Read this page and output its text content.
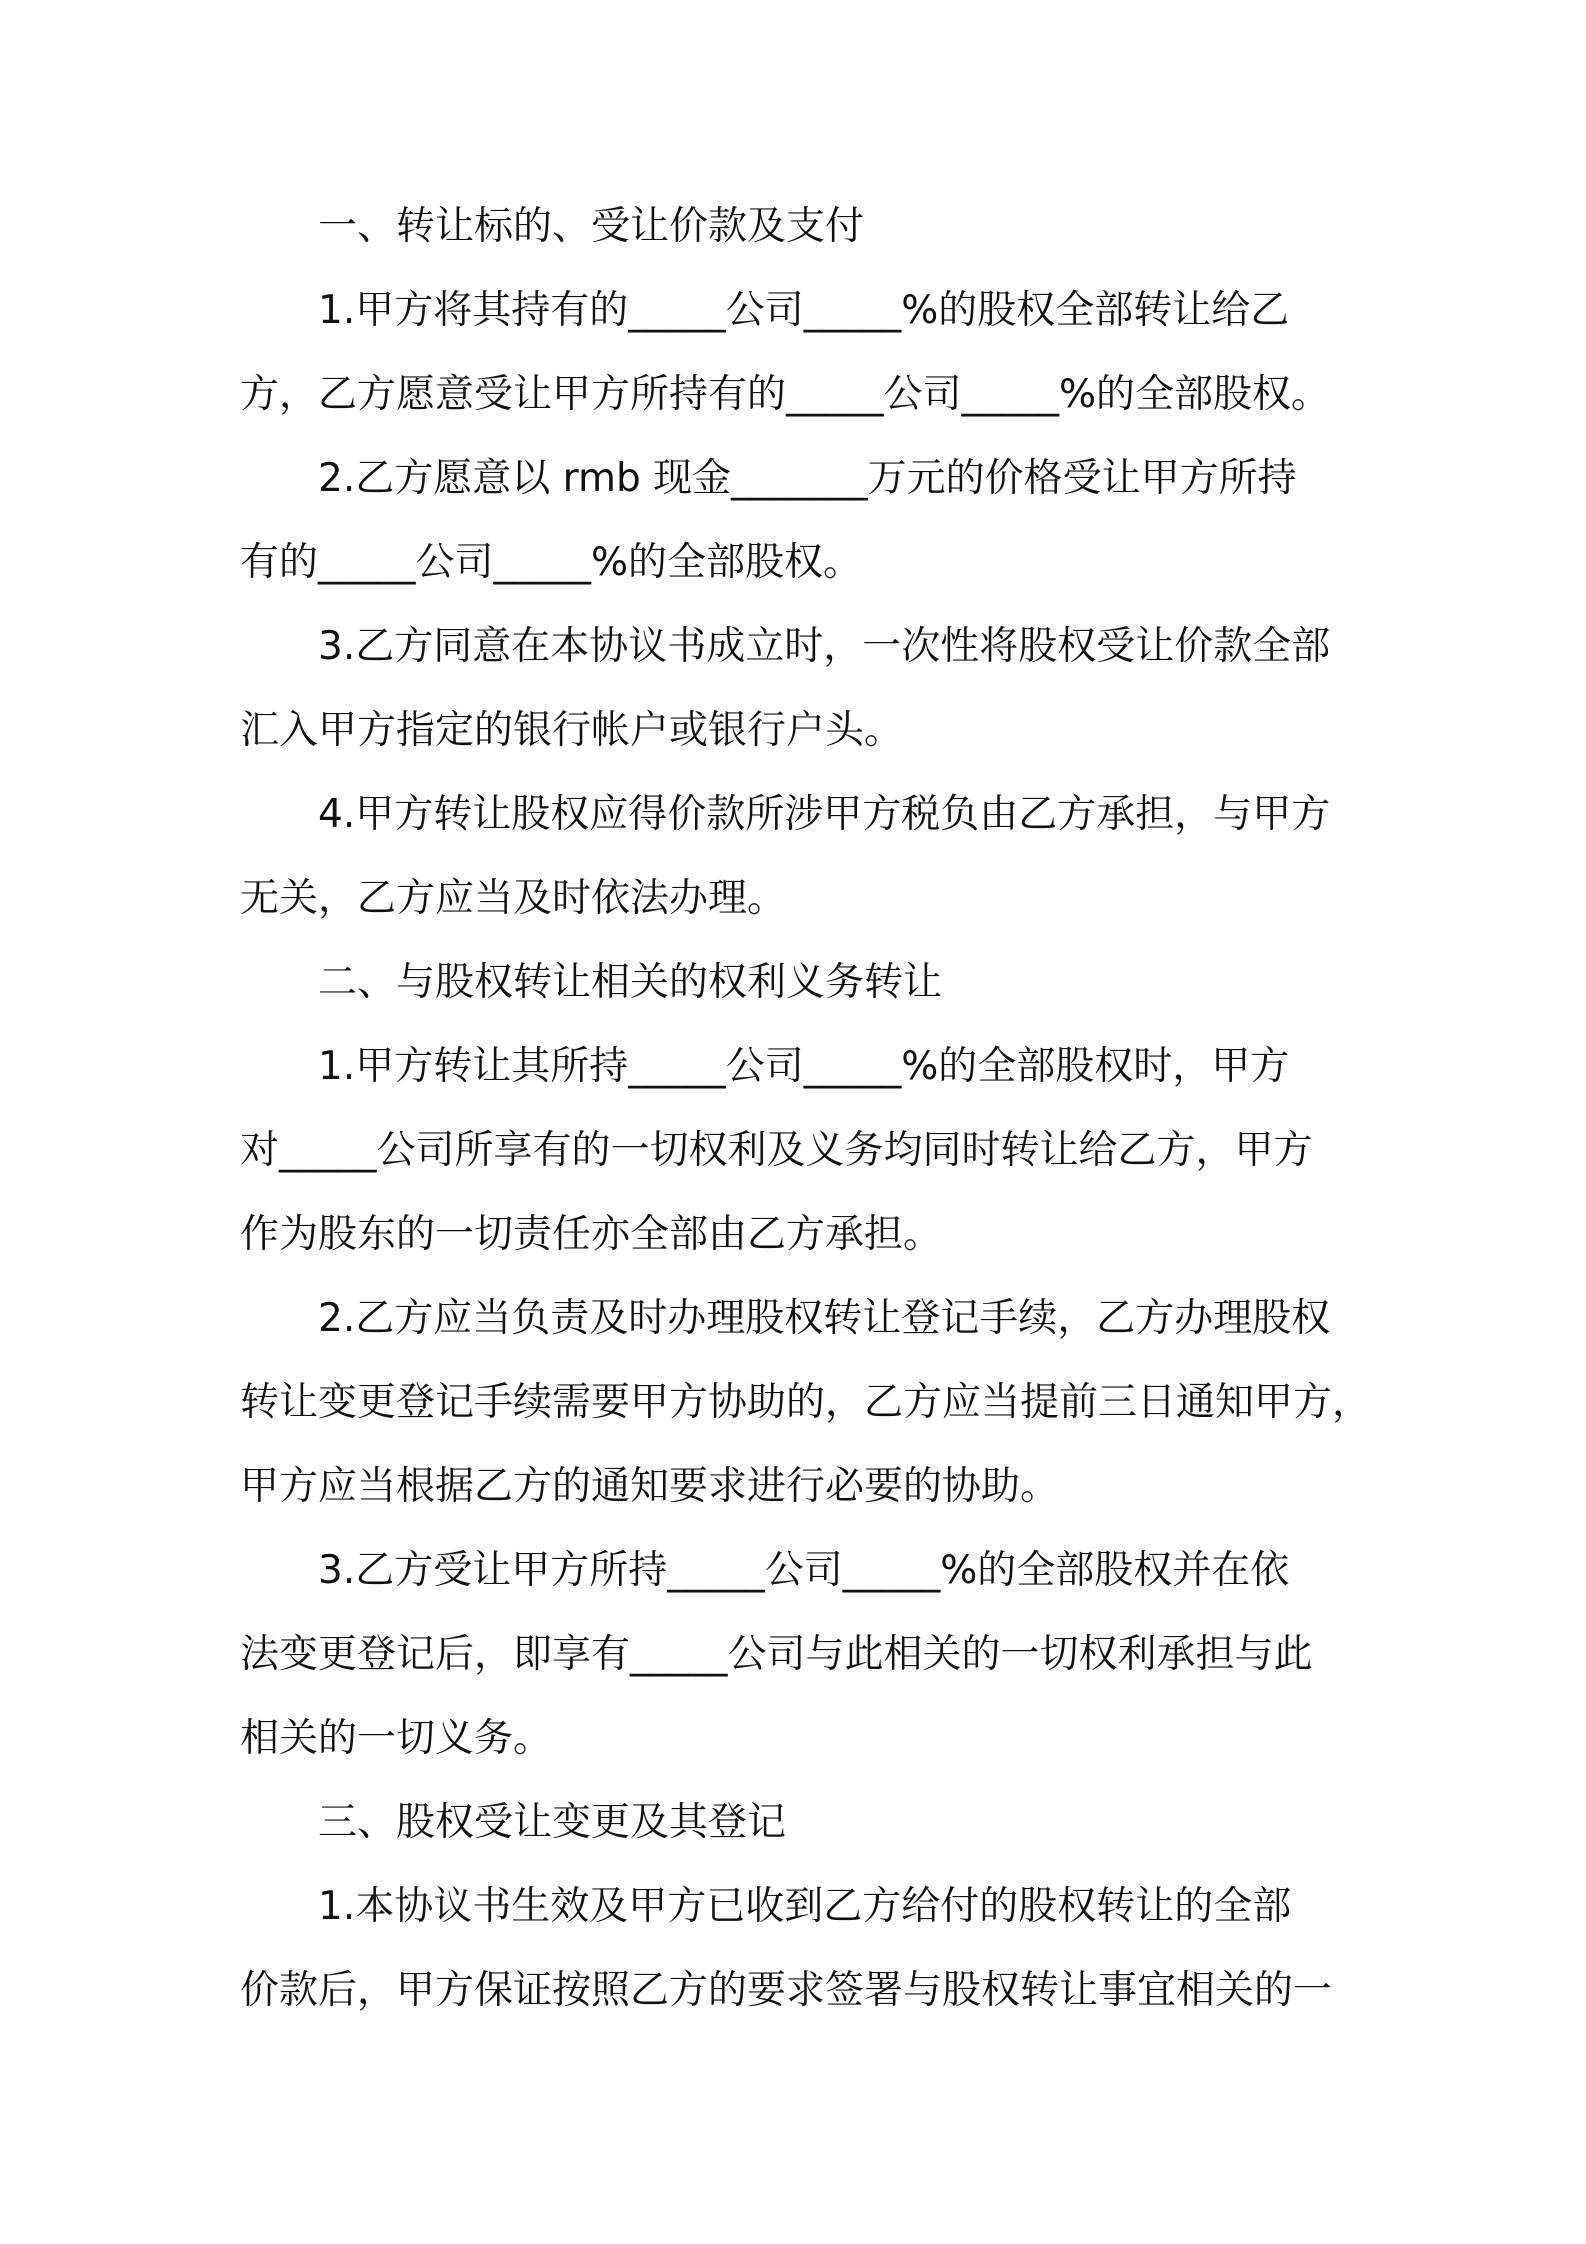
一、转让标的、受让价款及支付

1.甲方将其持有的_____公司_____%的股权全部转让给乙

方，乙方愿意受让甲方所持有的_____公司_____%的全部股权。

2.乙方愿意以 rmb 现金_______万元的价格受让甲方所持

有的_____公司_____%的全部股权。

3.乙方同意在本协议书成立时，一次性将股权受让价款全部

汇入甲方指定的银行帐户或银行户头。

4.甲方转让股权应得价款所涉甲方税负由乙方承担，与甲方

无关，乙方应当及时依法办理。

二、与股权转让相关的权利义务转让

1.甲方转让其所持_____公司_____%的全部股权时，甲方

对_____公司所享有的一切权利及义务均同时转让给乙方，甲方

作为股东的一切责任亦全部由乙方承担。

2.乙方应当负责及时办理股权转让登记手续，乙方办理股权

转让变更登记手续需要甲方协助的，乙方应当提前三日通知甲方，

甲方应当根据乙方的通知要求进行必要的协助。

3.乙方受让甲方所持_____公司_____%的全部股权并在依

法变更登记后，即享有_____公司与此相关的一切权利承担与此

相关的一切义务。

三、股权受让变更及其登记

1.本协议书生效及甲方已收到乙方给付的股权转让的全部

价款后，甲方保证按照乙方的要求签署与股权转让事宜相关的一
